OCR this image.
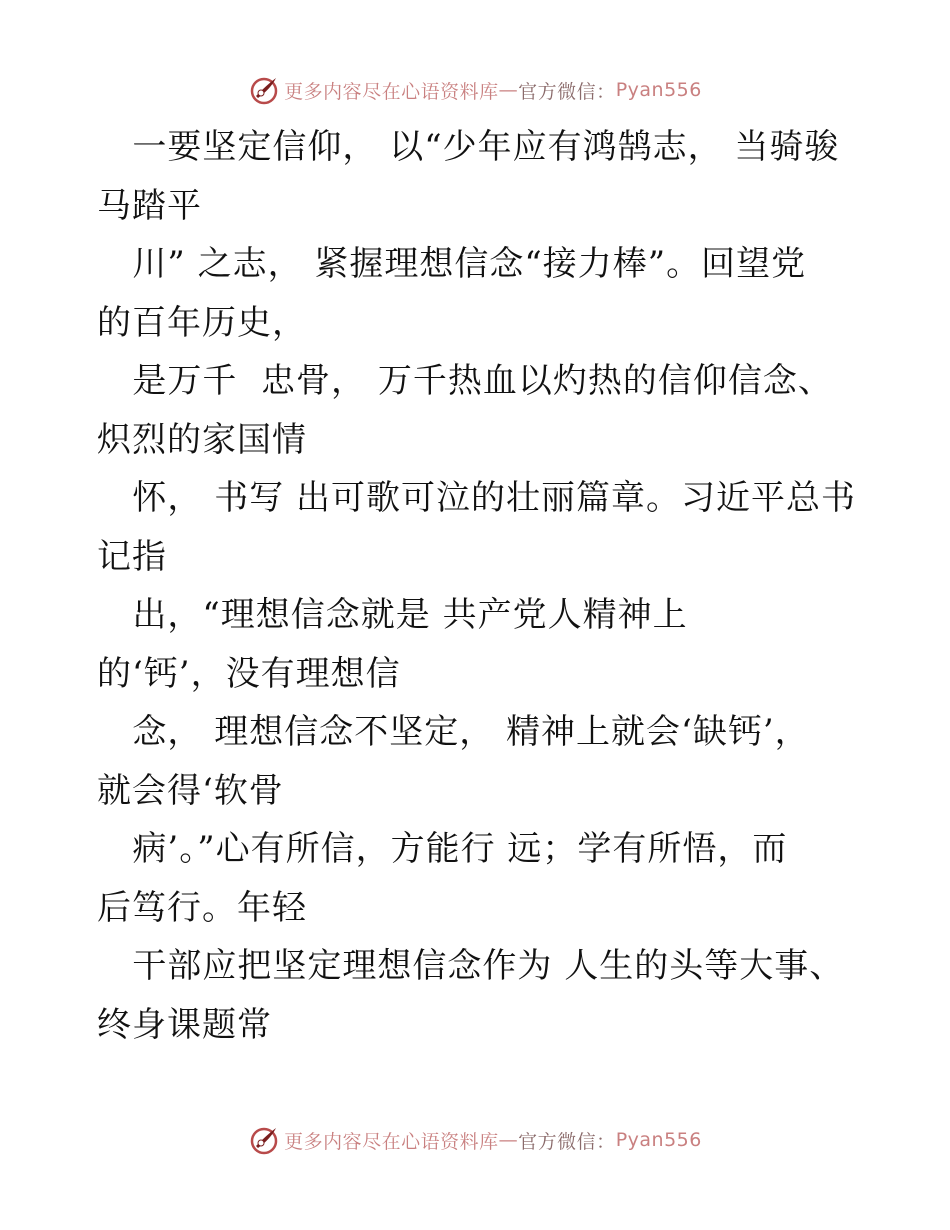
更多内容尽在心语资料库 — 官方微信： Pyan556
一要坚定信仰， 以“少年应有鸿鹄志， 当骑骏
马踏平
川” 之志， 紧握理想信念“接力棒”。回望党
的百年历史，
是万千  忠骨， 万千热血以灼热的信仰信念、
炽烈的家国情
怀， 书写 出可歌可泣的壮丽篇章。习近平总书
记指
出，“理想信念就是 共产党人精神上
的‘钙’，没有理想信
念， 理想信念不坚定， 精神上就会‘缺钙’，
就会得‘软骨
病’。”心有所信，方能行 远；学有所悟，而
后笃行。年轻
干部应把坚定理想信念作为 人生的头等大事、
终身课题常
更多内容尽在心语资料库 — 官方微信： Pyan556
